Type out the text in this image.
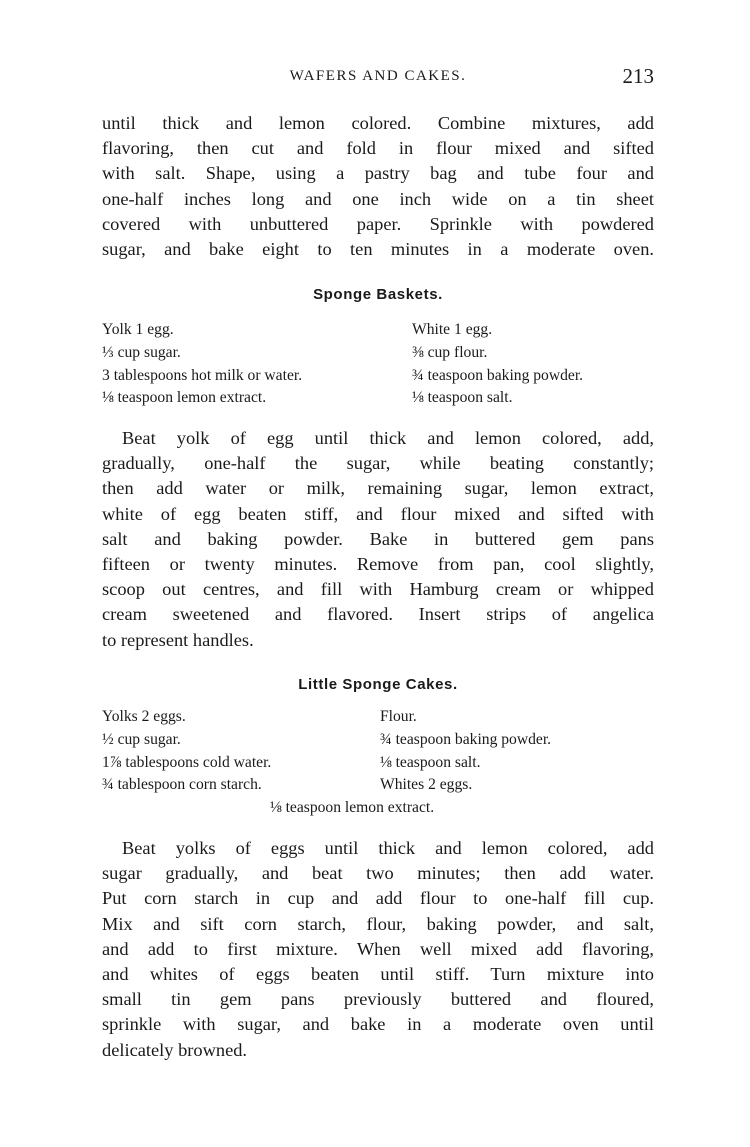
WAFERS AND CAKES.	213

until thick and lemon colored. Combine mixtures, add
flavoring, then cut and fold in flour mixed and sifted
with salt. Shape, using a pastry bag and tube four and
one-half inches long and one inch wide on a tin sheet
covered with unbuttered paper. Sprinkle with powdered
sugar, and bake eight to ten minutes in a moderate oven.

Sponge Baskets.
Yolk 1 egg.	White 1 egg.
⅓ cup sugar.	⅜ cup flour.
3 tablespoons hot milk or water.	¾ teaspoon baking powder.
⅛ teaspoon lemon extract.	⅛ teaspoon salt.

Beat yolk of egg until thick and lemon colored, add,
gradually, one-half the sugar, while beating constantly;
then add water or milk, remaining sugar, lemon extract,
white of egg beaten stiff, and flour mixed and sifted with
salt and baking powder. Bake in buttered gem pans
fifteen or twenty minutes. Remove from pan, cool slightly,
scoop out centres, and fill with Hamburg cream or whipped
cream sweetened and flavored. Insert strips of angelica
to represent handles.

Little Sponge Cakes.
Yolks 2 eggs.	Flour.
½ cup sugar.	¾ teaspoon baking powder.
1⅞ tablespoons cold water.	⅛ teaspoon salt.
¾ tablespoon corn starch.	Whites 2 eggs.
⅛ teaspoon lemon extract.

Beat yolks of eggs until thick and lemon colored, add
sugar gradually, and beat two minutes; then add water.
Put corn starch in cup and add flour to one-half fill cup.
Mix and sift corn starch, flour, baking powder, and salt,
and add to first mixture. When well mixed add flavoring,
and whites of eggs beaten until stiff. Turn mixture into
small tin gem pans previously buttered and floured,
sprinkle with sugar, and bake in a moderate oven until
delicately browned.
